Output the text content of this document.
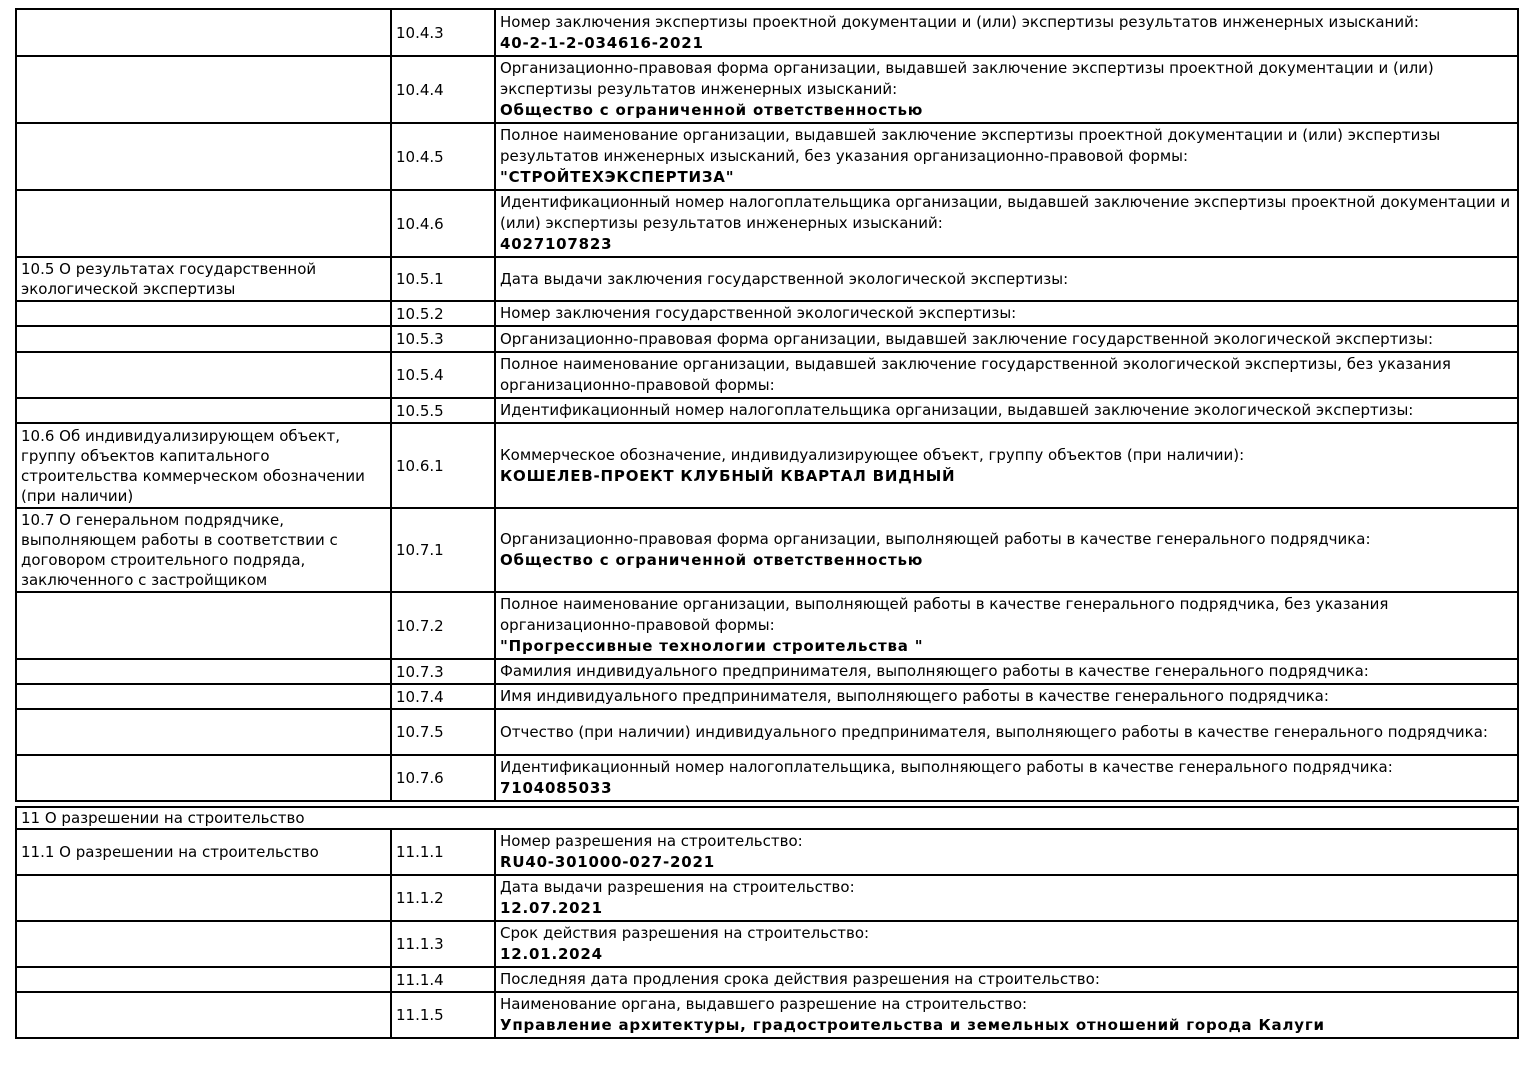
	10.4.3	Номер заключения экспертизы проектной документации и (или) экспертизы результатов инженерных изысканий:
40-2-1-2-034616-2021

	10.4.4	Организационно-правовая форма организации, выдавшей заключение экспертизы проектной документации и (или) экспертизы результатов инженерных изысканий:
Общество с ограниченной ответственностью

	10.4.5	Полное наименование организации, выдавшей заключение экспертизы проектной документации и (или) экспертизы результатов инженерных изысканий, без указания организационно-правовой формы:
"СТРОЙТЕХЭКСПЕРТИЗА"

	10.4.6	Идентификационный номер налогоплательщика организации, выдавшей заключение экспертизы проектной документации и (или) экспертизы результатов инженерных изысканий:
4027107823

10.5 О результатах государственной экологической экспертизы	10.5.1	Дата выдачи заключения государственной экологической экспертизы:

	10.5.2	Номер заключения государственной экологической экспертизы:

	10.5.3	Организационно-правовая форма организации, выдавшей заключение государственной экологической экспертизы:

	10.5.4	Полное наименование организации, выдавшей заключение государственной экологической экспертизы, без указания организационно-правовой формы:

	10.5.5	Идентификационный номер налогоплательщика организации, выдавшей заключение экологической экспертизы:

10.6 Об индивидуализирующем объект, группу объектов капитального строительства коммерческом обозначении (при наличии)	10.6.1	Коммерческое обозначение, индивидуализирующее объект, группу объектов (при наличии):
КОШЕЛЕВ-ПРОЕКТ КЛУБНЫЙ КВАРТАЛ ВИДНЫЙ

10.7 О генеральном подрядчике, выполняющем работы в соответствии с договором строительного подряда, заключенного с застройщиком	10.7.1	Организационно-правовая форма организации, выполняющей работы в качестве генерального подрядчика:
Общество с ограниченной ответственностью

	10.7.2	Полное наименование организации, выполняющей работы в качестве генерального подрядчика, без указания организационно-правовой формы:
"Прогрессивные технологии строительства "

	10.7.3	Фамилия индивидуального предпринимателя, выполняющего работы в качестве генерального подрядчика:

	10.7.4	Имя индивидуального предпринимателя, выполняющего работы в качестве генерального подрядчика:

	10.7.5	Отчество (при наличии) индивидуального предпринимателя, выполняющего работы в качестве генерального подрядчика:

	10.7.6	Идентификационный номер налогоплательщика, выполняющего работы в качестве генерального подрядчика:
7104085033
11 О разрешении на строительство		

11.1 О разрешении на строительство	11.1.1	Номер разрешения на строительство:
RU40-301000-027-2021

	11.1.2	Дата выдачи разрешения на строительство:
12.07.2021

	11.1.3	Срок действия разрешения на строительство:
12.01.2024

	11.1.4	Последняя дата продления срока действия разрешения на строительство:

	11.1.5	Наименование органа, выдавшего разрешение на строительство:
Управление архитектуры, градостроительства и земельных отношений города Калуги
